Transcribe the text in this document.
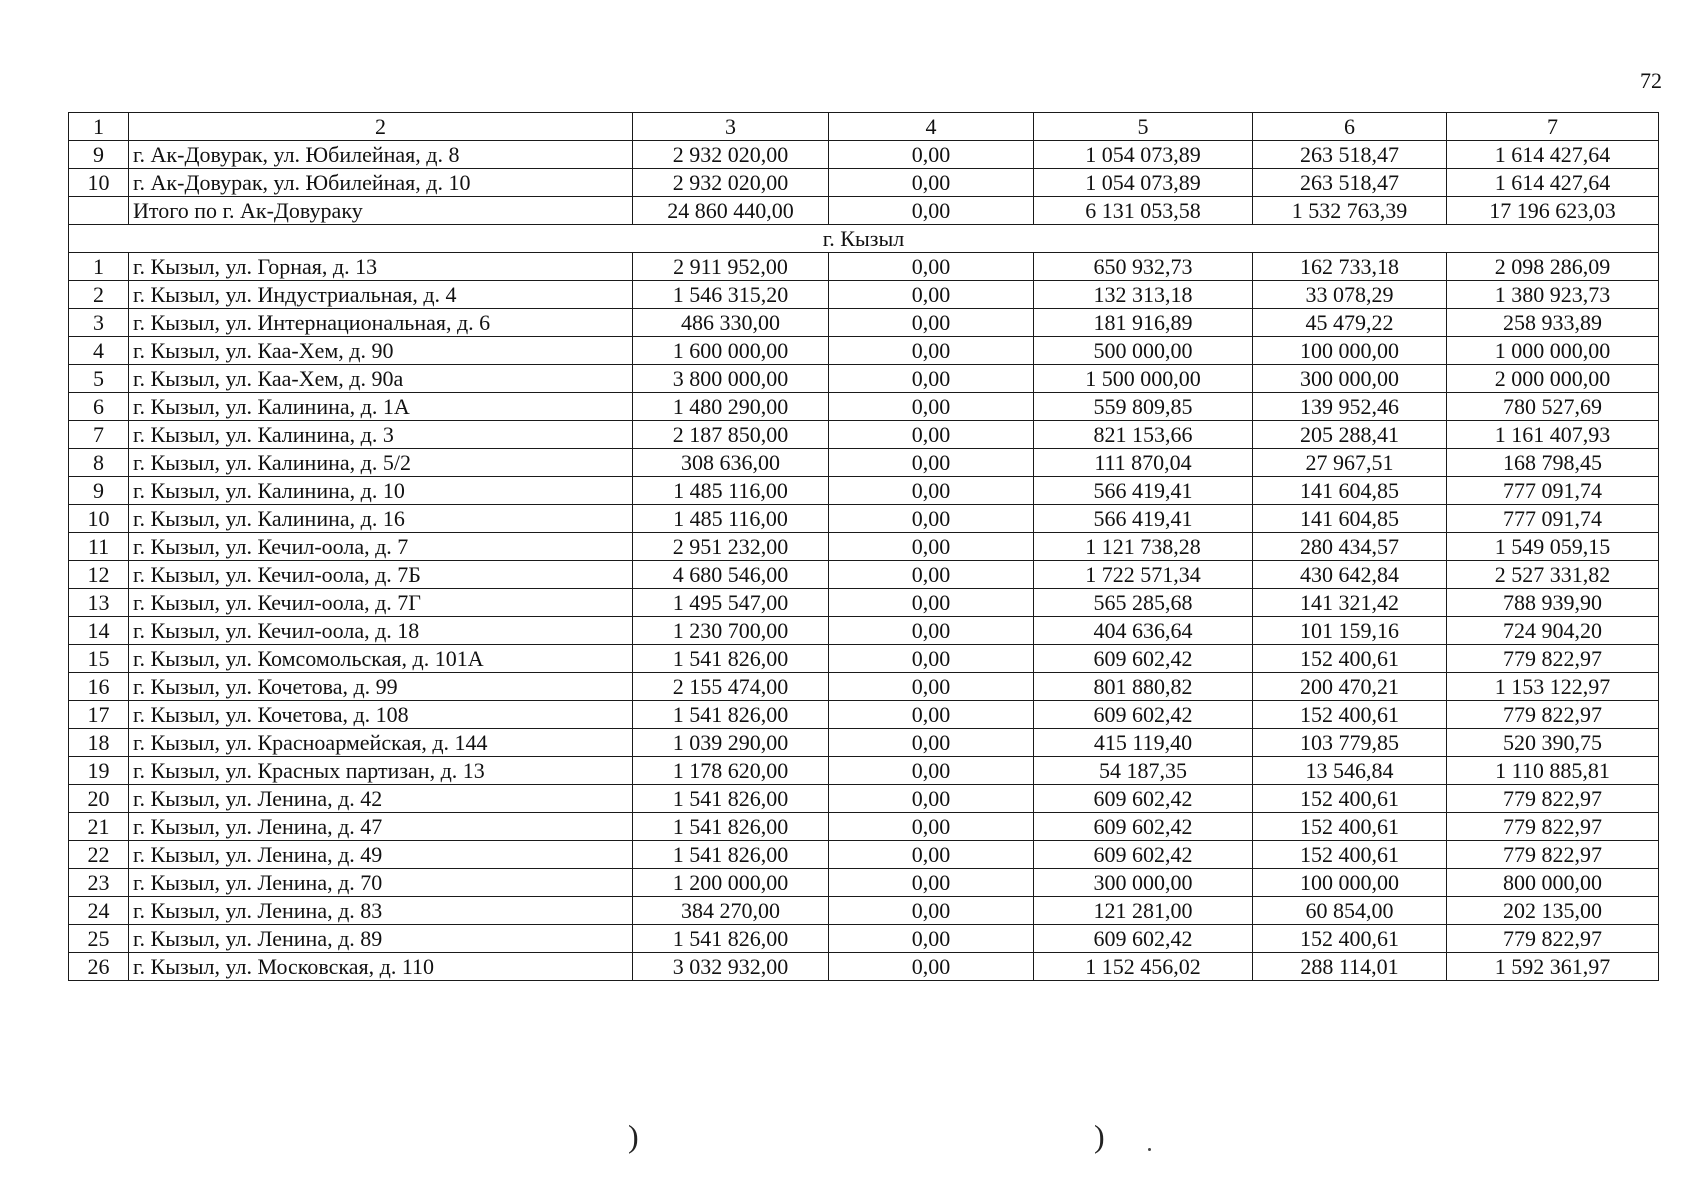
72
1	2	3	4	5	6	7
9	г. Ак-Довурак, ул. Юбилейная, д. 8	2 932 020,00	0,00	1 054 073,89	263 518,47	1 614 427,64
10	г. Ак-Довурак, ул. Юбилейная, д. 10	2 932 020,00	0,00	1 054 073,89	263 518,47	1 614 427,64
	Итого по г. Ак-Довураку	24 860 440,00	0,00	6 131 053,58	1 532 763,39	17 196 623,03
г. Кызыл						
1	г. Кызыл, ул. Горная, д. 13	2 911 952,00	0,00	650 932,73	162 733,18	2 098 286,09
2	г. Кызыл, ул. Индустриальная, д. 4	1 546 315,20	0,00	132 313,18	33 078,29	1 380 923,73
3	г. Кызыл, ул. Интернациональная, д. 6	486 330,00	0,00	181 916,89	45 479,22	258 933,89
4	г. Кызыл, ул. Каа-Хем, д. 90	1 600 000,00	0,00	500 000,00	100 000,00	1 000 000,00
5	г. Кызыл, ул. Каа-Хем, д. 90а	3 800 000,00	0,00	1 500 000,00	300 000,00	2 000 000,00
6	г. Кызыл, ул. Калинина, д. 1А	1 480 290,00	0,00	559 809,85	139 952,46	780 527,69
7	г. Кызыл, ул. Калинина, д. 3	2 187 850,00	0,00	821 153,66	205 288,41	1 161 407,93
8	г. Кызыл, ул. Калинина, д. 5/2	308 636,00	0,00	111 870,04	27 967,51	168 798,45
9	г. Кызыл, ул. Калинина, д. 10	1 485 116,00	0,00	566 419,41	141 604,85	777 091,74
10	г. Кызыл, ул. Калинина, д. 16	1 485 116,00	0,00	566 419,41	141 604,85	777 091,74
11	г. Кызыл, ул. Кечил-оола, д. 7	2 951 232,00	0,00	1 121 738,28	280 434,57	1 549 059,15
12	г. Кызыл, ул. Кечил-оола, д. 7Б	4 680 546,00	0,00	1 722 571,34	430 642,84	2 527 331,82
13	г. Кызыл, ул. Кечил-оола, д. 7Г	1 495 547,00	0,00	565 285,68	141 321,42	788 939,90
14	г. Кызыл, ул. Кечил-оола, д. 18	1 230 700,00	0,00	404 636,64	101 159,16	724 904,20
15	г. Кызыл, ул. Комсомольская, д. 101А	1 541 826,00	0,00	609 602,42	152 400,61	779 822,97
16	г. Кызыл, ул. Кочетова, д. 99	2 155 474,00	0,00	801 880,82	200 470,21	1 153 122,97
17	г. Кызыл, ул. Кочетова, д. 108	1 541 826,00	0,00	609 602,42	152 400,61	779 822,97
18	г. Кызыл, ул. Красноармейская, д. 144	1 039 290,00	0,00	415 119,40	103 779,85	520 390,75
19	г. Кызыл, ул. Красных партизан, д. 13	1 178 620,00	0,00	54 187,35	13 546,84	1 110 885,81
20	г. Кызыл, ул. Ленина, д. 42	1 541 826,00	0,00	609 602,42	152 400,61	779 822,97
21	г. Кызыл, ул. Ленина, д. 47	1 541 826,00	0,00	609 602,42	152 400,61	779 822,97
22	г. Кызыл, ул. Ленина, д. 49	1 541 826,00	0,00	609 602,42	152 400,61	779 822,97
23	г. Кызыл, ул. Ленина, д. 70	1 200 000,00	0,00	300 000,00	100 000,00	800 000,00
24	г. Кызыл, ул. Ленина, д. 83	384 270,00	0,00	121 281,00	60 854,00	202 135,00
25	г. Кызыл, ул. Ленина, д. 89	1 541 826,00	0,00	609 602,42	152 400,61	779 822,97
26	г. Кызыл, ул. Московская, д. 110	3 032 932,00	0,00	1 152 456,02	288 114,01	1 592 361,97
)	)
